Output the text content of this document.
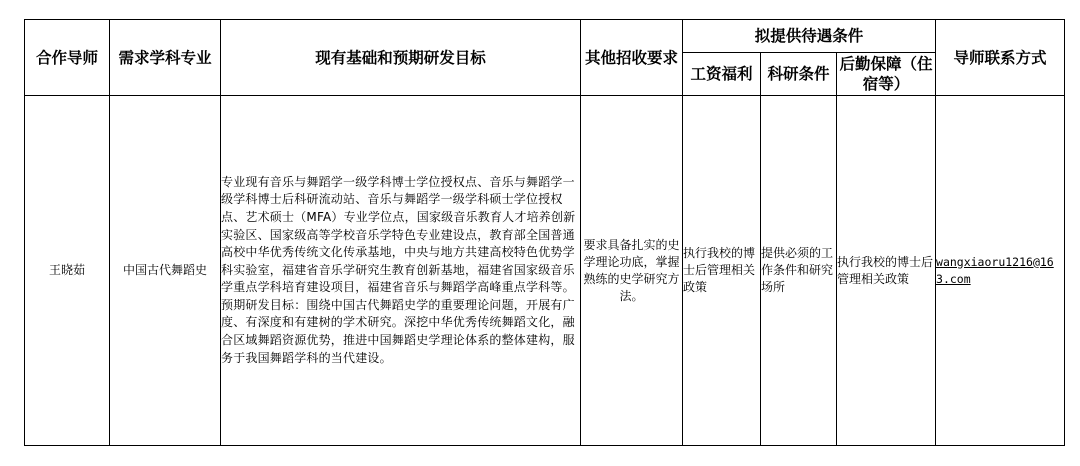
合作导师	需求学科专业	现有基础和预期研发目标	其他招收要求	拟提供待遇条件			导师联系方式
				工资福利	科研条件	后勤保障（住宿等）	
王晓茹	中国古代舞蹈史	专业现有音乐与舞蹈学一级学科博士学位授权点、音乐与舞蹈学一级学科博士后科研流动站、音乐与舞蹈学一级学科硕士学位授权点、艺术硕士（MFA）专业学位点，国家级音乐教育人才培养创新实验区、国家级高等学校音乐学特色专业建设点，教育部全国普通高校中华优秀传统文化传承基地，中央与地方共建高校特色优势学科实验室，福建省音乐学研究生教育创新基地，福建省国家级音乐学重点学科培育建设项目，福建省音乐与舞蹈学高峰重点学科等。预期研发目标：围绕中国古代舞蹈史学的重要理论问题，开展有广度、有深度和有建树的学术研究。深挖中华优秀传统舞蹈文化，融合区域舞蹈资源优势，推进中国舞蹈史学理论体系的整体建构，服务于我国舞蹈学科的当代建设。	要求具备扎实的史学理论功底，掌握熟练的史学研究方法。	执行我校的博士后管理相关政策	提供必须的工作条件和研究场所	执行我校的博士后管理相关政策	wangxiaoru1216@163.com
